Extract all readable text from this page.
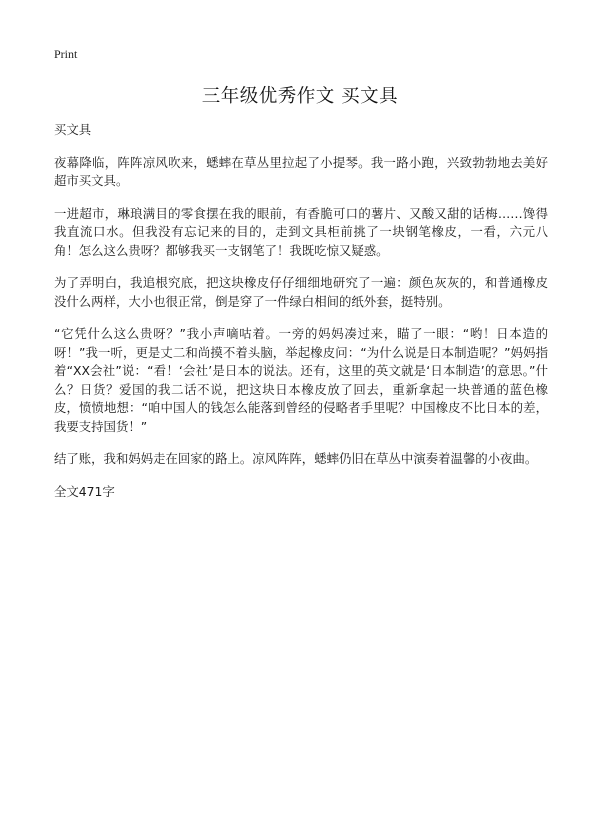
Print
三年级优秀作文 买文具

买文具

夜幕降临，阵阵凉风吹来，蟋蟀在草丛里拉起了小提琴。我一路小跑，兴致勃勃地去美好超市买文具。

一进超市，琳琅满目的零食摆在我的眼前，有香脆可口的薯片、又酸又甜的话梅……馋得我直流口水。但我没有忘记来的目的，走到文具柜前挑了一块钢笔橡皮，一看，六元八角！怎么这么贵呀？都够我买一支钢笔了！我既吃惊又疑惑。

为了弄明白，我追根究底，把这块橡皮仔仔细细地研究了一遍：颜色灰灰的，和普通橡皮没什么两样，大小也很正常，倒是穿了一件绿白相间的纸外套，挺特别。

“它凭什么这么贵呀？”我小声嘀咕着。一旁的妈妈凑过来，瞄了一眼：“哟！日本造的呀！”我一听，更是丈二和尚摸不着头脑，举起橡皮问：“为什么说是日本制造呢？”妈妈指着“XX会社”说：“看！‘会社’是日本的说法。还有，这里的英文就是‘日本制造’的意思。”什么？日货？爱国的我二话不说，把这块日本橡皮放了回去，重新拿起一块普通的蓝色橡皮，愤愤地想：“咱中国人的钱怎么能落到曾经的侵略者手里呢？中国橡皮不比日本的差，我要支持国货！”

结了账，我和妈妈走在回家的路上。凉风阵阵，蟋蟀仍旧在草丛中演奏着温馨的小夜曲。

全文471字
